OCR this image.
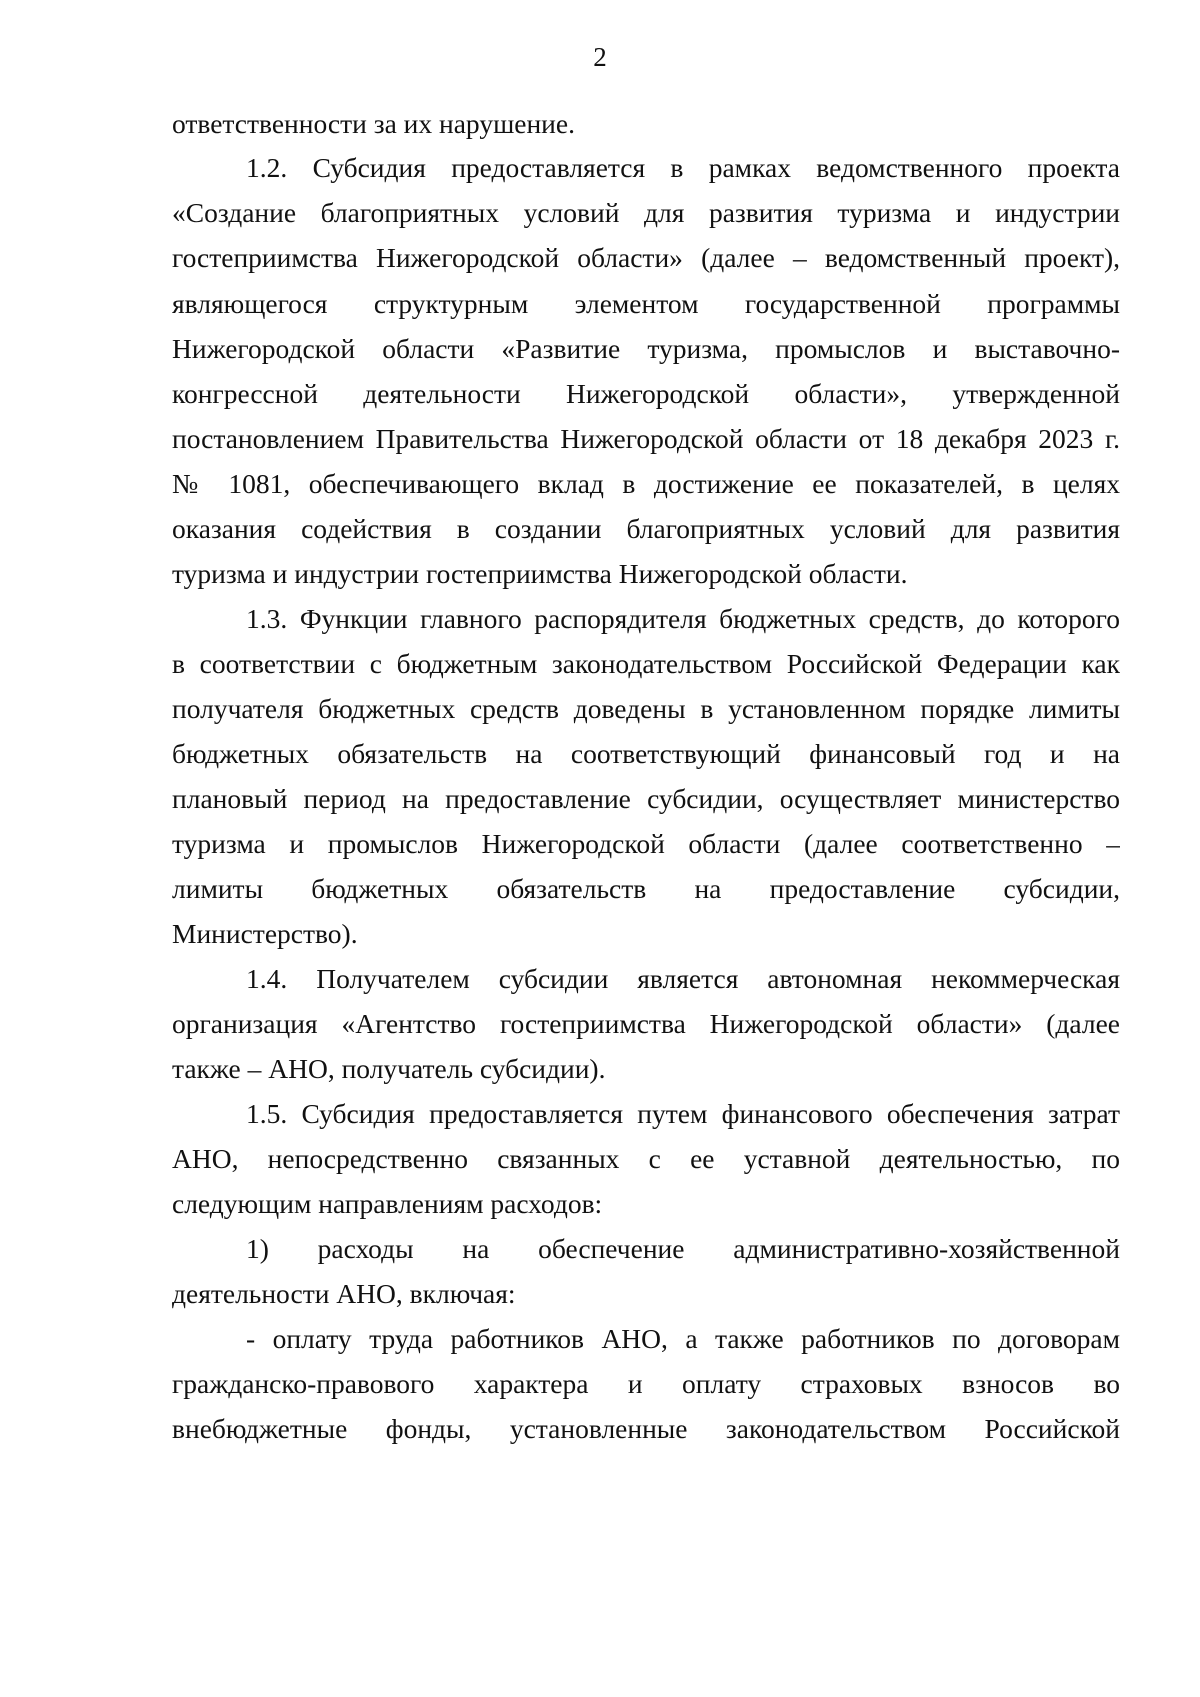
2
ответственности за их нарушение.
1.2. Субсидия предоставляется в рамках ведомственного проекта
«Создание благоприятных условий для развития туризма и индустрии
гостеприимства Нижегородской области» (далее – ведомственный проект),
являющегося структурным элементом государственной программы
Нижегородской области «Развитие туризма, промыслов и выставочно-
конгрессной деятельности Нижегородской области», утвержденной
постановлением Правительства Нижегородской области от 18 декабря 2023 г.
№ 1081, обеспечивающего вклад в достижение ее показателей, в целях
оказания содействия в создании благоприятных условий для развития
туризма и индустрии гостеприимства Нижегородской области.
1.3. Функции главного распорядителя бюджетных средств, до которого
в соответствии с бюджетным законодательством Российской Федерации как
получателя бюджетных средств доведены в установленном порядке лимиты
бюджетных обязательств на соответствующий финансовый год и на
плановый период на предоставление субсидии, осуществляет министерство
туризма и промыслов Нижегородской области (далее соответственно –
лимиты бюджетных обязательств на предоставление субсидии,
Министерство).
1.4. Получателем субсидии является автономная некоммерческая
организация «Агентство гостеприимства Нижегородской области» (далее
также – АНО, получатель субсидии).
1.5. Субсидия предоставляется путем финансового обеспечения затрат
АНО, непосредственно связанных с ее уставной деятельностью, по
следующим направлениям расходов:
1) расходы на обеспечение административно-хозяйственной
деятельности АНО, включая:
- оплату труда работников АНО, а также работников по договорам
гражданско-правового характера и оплату страховых взносов во
внебюджетные фонды, установленные законодательством Российской
